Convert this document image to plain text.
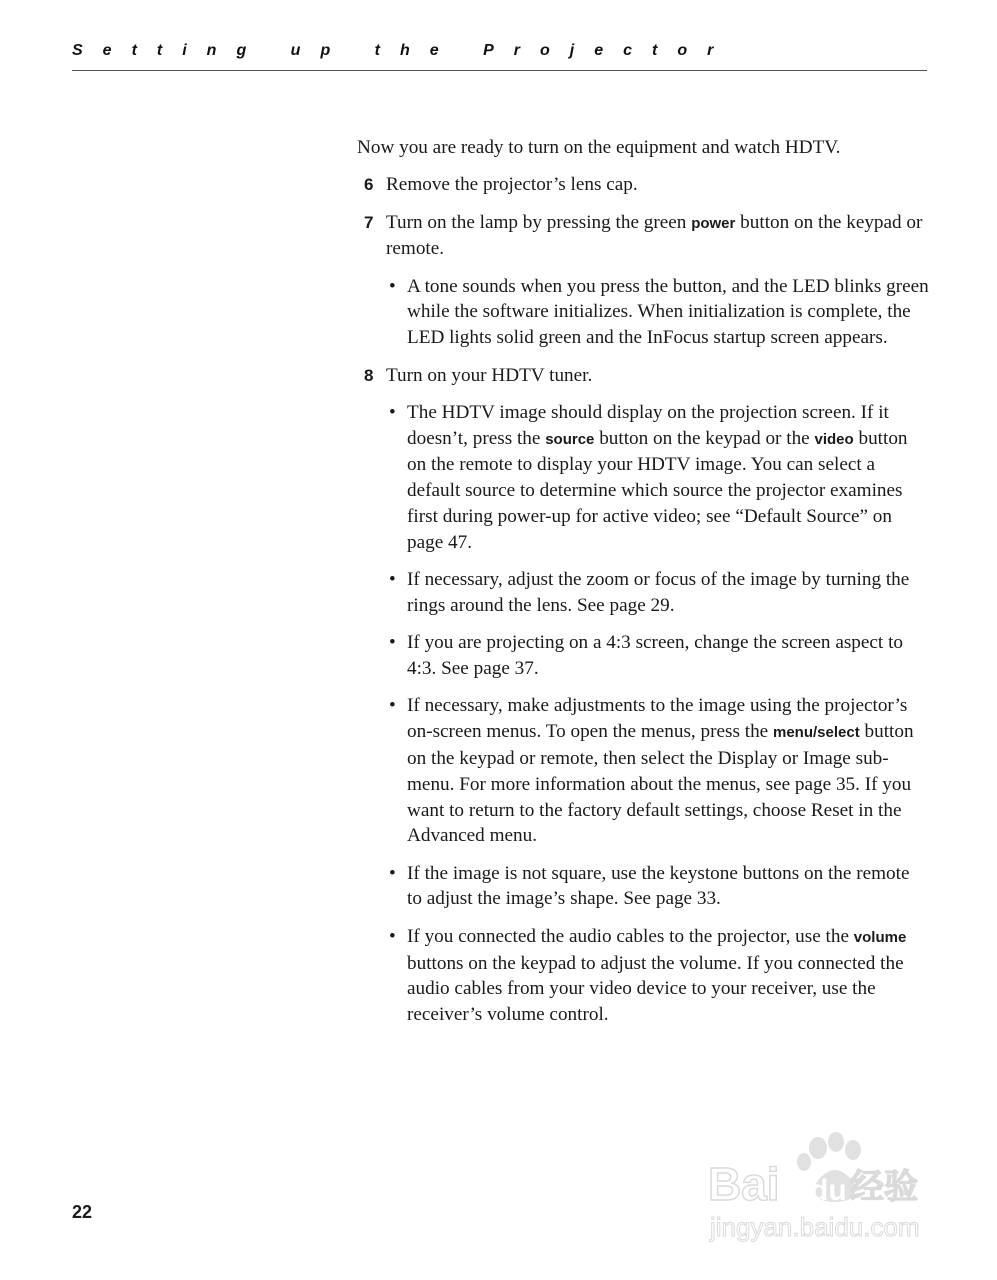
Setting up the Projector

Now you are ready to turn on the equipment and watch HDTV.

6 Remove the projector’s lens cap.
7 Turn on the lamp by pressing the green power button on the keypad or remote.
• A tone sounds when you press the button, and the LED blinks green while the software initializes. When initialization is complete, the LED lights solid green and the InFocus startup screen appears.
8 Turn on your HDTV tuner.
• The HDTV image should display on the projection screen. If it doesn’t, press the source button on the keypad or the video button on the remote to display your HDTV image. You can select a default source to determine which source the projector examines first during power-up for active video; see “Default Source” on page 47.
• If necessary, adjust the zoom or focus of the image by turning the rings around the lens. See page 29.
• If you are projecting on a 4:3 screen, change the screen aspect to 4:3. See page 37.
• If necessary, make adjustments to the image using the projector’s on-screen menus. To open the menus, press the menu/select button on the keypad or remote, then select the Display or Image sub-menu. For more information about the menus, see page 35. If you want to return to the factory default settings, choose Reset in the Advanced menu.
• If the image is not square, use the keystone buttons on the remote to adjust the image’s shape. See page 33.
• If you connected the audio cables to the projector, use the volume buttons on the keypad to adjust the volume. If you connected the audio cables from your video device to your receiver, use the receiver’s volume control.
22
Bai du 经验
jingyan.baidu.com
